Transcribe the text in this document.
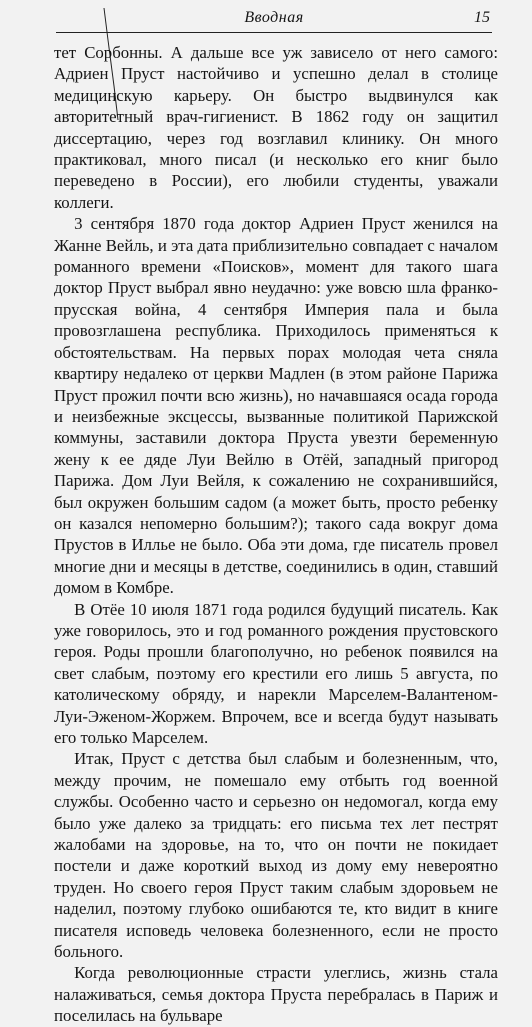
Вводная	15

тет Сорбонны. А дальше все уж зависело от него самого: Адриен Пруст настойчиво и успешно делал в столице медицинскую карьеру. Он быстро выдвинулся как авторитетный врач-гигиенист. В 1862 году он защитил диссертацию, через год возглавил клинику. Он много практиковал, много писал (и несколько его книг было переведено в России), его любили студенты, уважали коллеги.

3 сентября 1870 года доктор Адриен Пруст женился на Жанне Вейль, и эта дата приблизительно совпадает с началом романного времени «Поисков», момент для такого шага доктор Пруст выбрал явно неудачно: уже вовсю шла франко-прусская война, 4 сентября Империя пала и была провозглашена республика. Приходилось применяться к обстоятельствам. На первых порах молодая чета сняла квартиру недалеко от церкви Мадлен (в этом районе Парижа Пруст прожил почти всю жизнь), но начавшаяся осада города и неизбежные эксцессы, вызванные политикой Парижской коммуны, заставили доктора Пруста увезти беременную жену к ее дяде Луи Вейлю в Отёй, западный пригород Парижа. Дом Луи Вейля, к сожалению не сохранившийся, был окружен большим садом (а может быть, просто ребенку он казался непомерно большим?); такого сада вокруг дома Прустов в Илльe не было. Оба эти дома, где писатель провел многие дни и месяцы в детстве, соединились в один, ставший домом в Комбре.

В Отёе 10 июля 1871 года родился будущий писатель. Как уже говорилось, это и год романного рождения прустовского героя. Роды прошли благополучно, но ребенок появился на свет слабым, поэтому его крестили его лишь 5 августа, по католическому обряду, и нарекли Марселем-Валантеном-Луи-Эженом-Жоржем. Впрочем, все и всегда будут называть его только Марселем.

Итак, Пруст с детства был слабым и болезненным, что, между прочим, не помешало ему отбыть год военной службы. Особенно часто и серьезно он недомогал, когда ему было уже далеко за тридцать: его письма тех лет пестрят жалобами на здоровье, на то, что он почти не покидает постели и даже короткий выход из дому ему невероятно труден. Но своего героя Пруст таким слабым здоровьем не наделил, поэтому глубоко ошибаются те, кто видит в книге писателя исповедь человека болезненного, если не просто больного.

Когда революционные страсти улеглись, жизнь стала налаживаться, семья доктора Пруста перебралась в Париж и поселилась на бульваре
